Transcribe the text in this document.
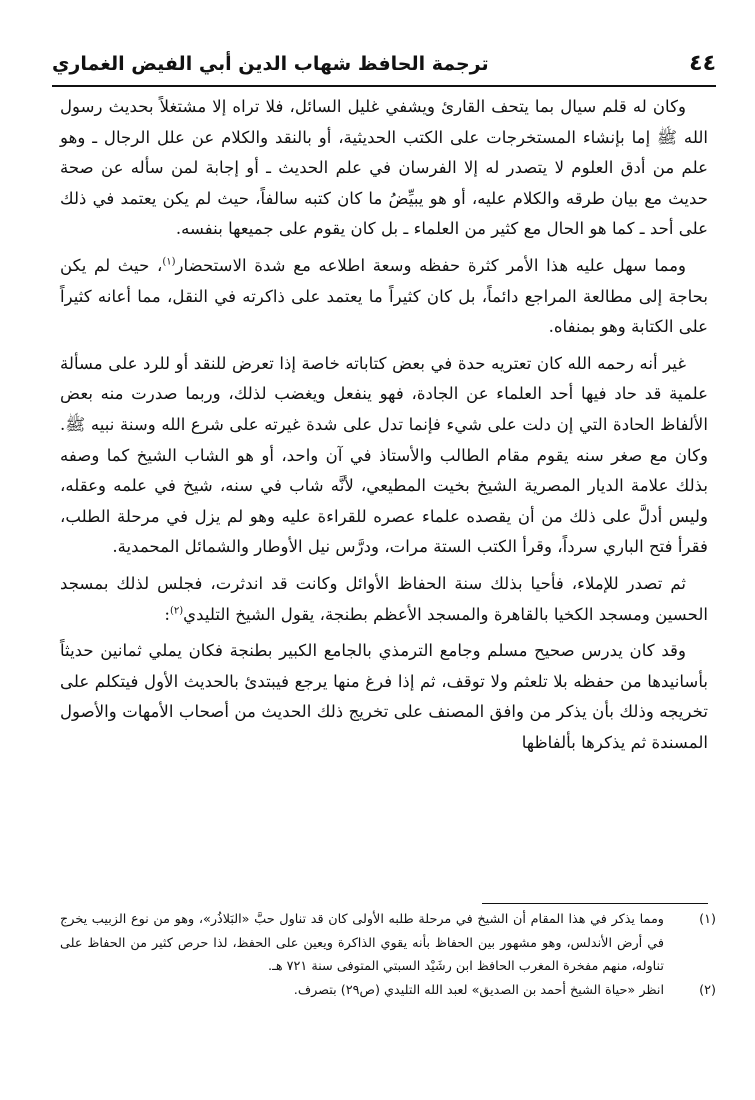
٤٤
ترجمة الحافظ شهاب الدين أبي الفيض الغماري

وكان له قلم سيال بما يتحف القارئ ويشفي غليل السائل، فلا تراه إلا مشتغلاً بحديث رسول الله ﷺ إما بإنشاء المستخرجات على الكتب الحديثية، أو بالنقد والكلام عن علل الرجال ـ وهو علم من أدق العلوم لا يتصدر له إلا الفرسان في علم الحديث ـ أو إجابة لمن سأله عن صحة حديث مع بيان طرقه والكلام عليه، أو هو يبيِّضُ ما كان كتبه سالفاً، حيث لم يكن يعتمد في ذلك على أحد ـ كما هو الحال مع كثير من العلماء ـ بل كان يقوم على جميعها بنفسه.

ومما سهل عليه هذا الأمر كثرة حفظه وسعة اطلاعه مع شدة الاستحضار$^{(١)}$، حيث لم يكن بحاجة إلى مطالعة المراجع دائماً، بل كان كثيراً ما يعتمد على ذاكرته في النقل، مما أعانه كثيراً على الكتابة وهو بمنفاه.

غير أنه رحمه الله كان تعتريه حدة في بعض كتاباته خاصة إذا تعرض للنقد أو للرد على مسألة علمية قد حاد فيها أحد العلماء عن الجادة، فهو ينفعل ويغضب لذلك، وربما صدرت منه بعض الألفاظ الحادة التي إن دلت على شيء فإنما تدل على شدة غيرته على شرع الله وسنة نبيه ﷺ. وكان مع صغر سنه يقوم مقام الطالب والأستاذ في آن واحد، أو هو الشاب الشيخ كما وصفه بذلك علامة الديار المصرية الشيخ بخيت المطيعي، لأنَّه شاب في سنه، شيخ في علمه وعقله، وليس أدلَّ على ذلك من أن يقصده علماء عصره للقراءة عليه وهو لم يزل في مرحلة الطلب، فقرأ فتح الباري سرداً، وقرأ الكتب الستة مرات، ودرَّس نيل الأوطار والشمائل المحمدية.

ثم تصدر للإملاء، فأحيا بذلك سنة الحفاظ الأوائل وكانت قد اندثرت، فجلس لذلك بمسجد الحسين ومسجد الكخيا بالقاهرة والمسجد الأعظم بطنجة، يقول الشيخ التليدي$^{(٢)}$:

وقد كان يدرس صحيح مسلم وجامع الترمذي بالجامع الكبير بطنجة فكان يملي ثمانين حديثاً بأسانيدها من حفظه بلا تلعثم ولا توقف، ثم إذا فرغ منها يرجع فيبتدئ بالحديث الأول فيتكلم على تخريجه وذلك بأن يذكر من وافق المصنف على تخريج ذلك الحديث من أصحاب الأمهات والأصول المسندة ثم يذكرها بألفاظها

(١)
ومما يذكر في هذا المقام أن الشيخ في مرحلة طلبه الأولى كان قد تناول حبَّ «البَلاذُر»، وهو من نوع الزبيب يخرج في أرض الأندلس، وهو مشهور بين الحفاظ بأنه يقوي الذاكرة ويعين على الحفظ، لذا حرص كثير من الحفاظ على تناوله، منهم مفخرة المغرب الحافظ ابن رشَيْد السبتي المتوفى سنة ٧٢١ هـ.
(٢)
انظر «حياة الشيخ أحمد بن الصديق» لعبد الله التليدي (ص٢٩) بتصرف.
